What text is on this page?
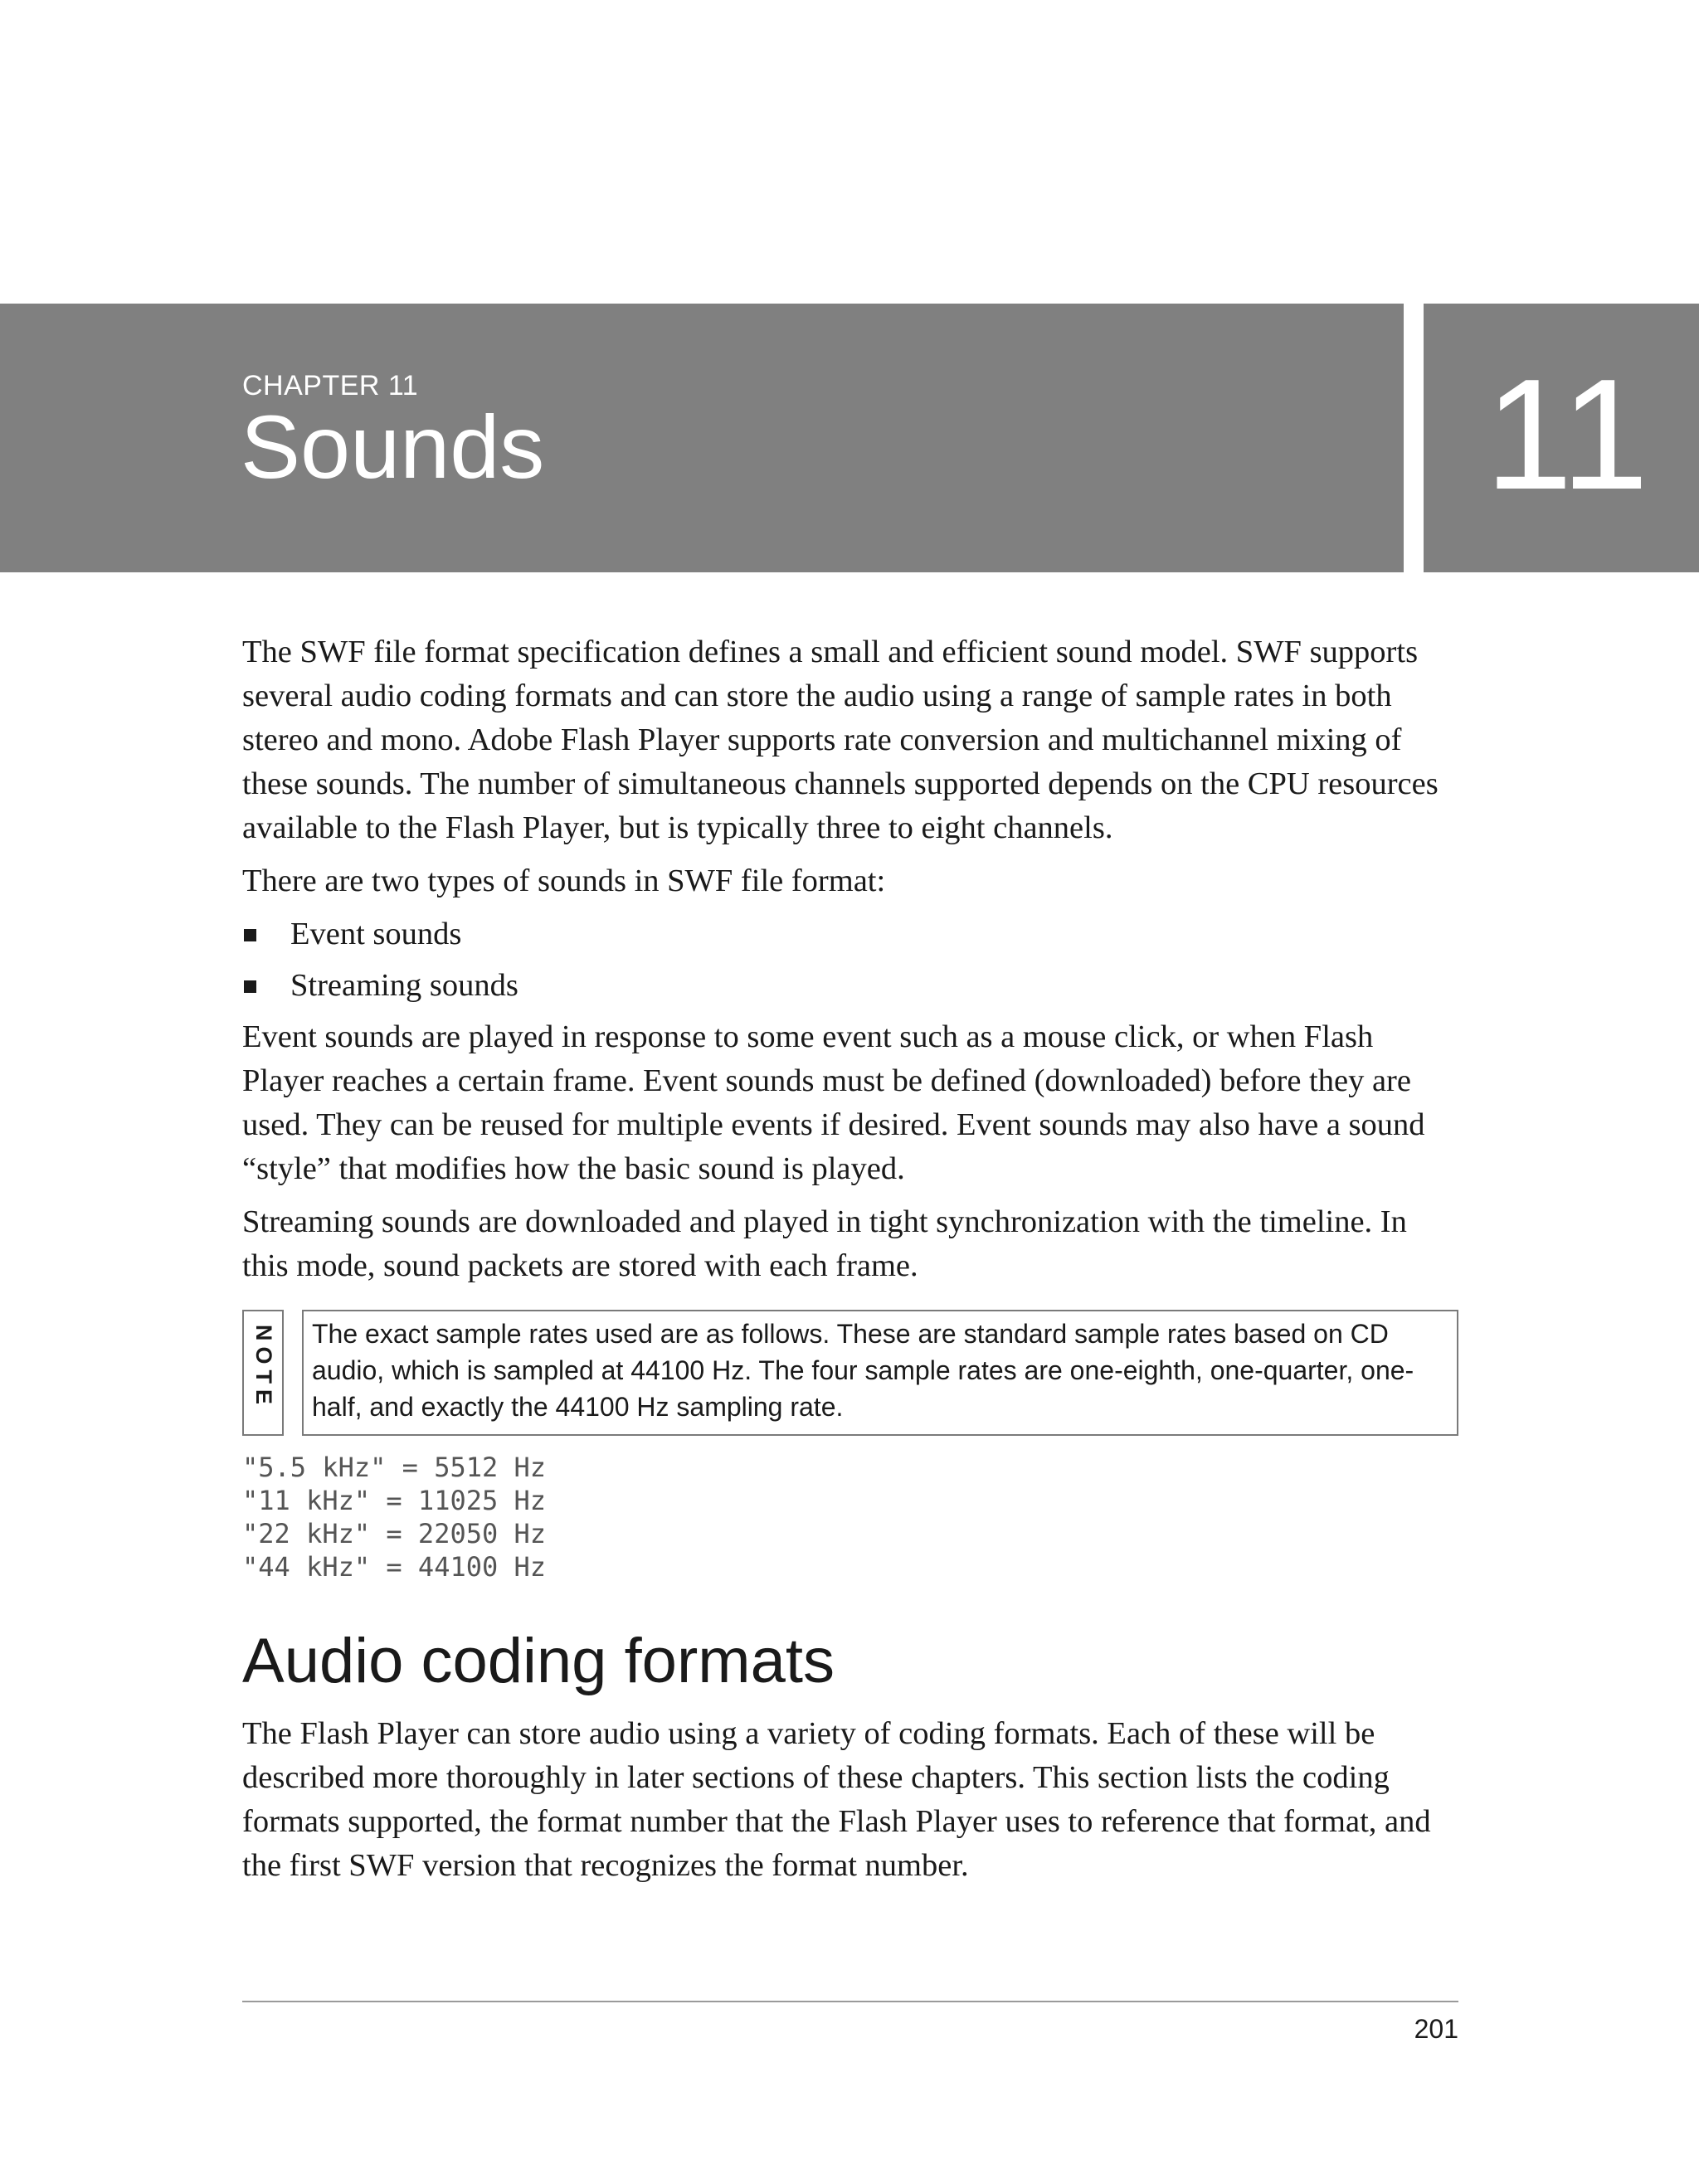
CHAPTER 11
Sounds	11

The SWF file format specification defines a small and efficient sound model. SWF supports several audio coding formats and can store the audio using a range of sample rates in both stereo and mono. Adobe Flash Player supports rate conversion and multichannel mixing of these sounds. The number of simultaneous channels supported depends on the CPU resources available to the Flash Player, but is typically three to eight channels.

There are two types of sounds in SWF file format:

Event sounds
Streaming sounds

Event sounds are played in response to some event such as a mouse click, or when Flash Player reaches a certain frame. Event sounds must be defined (downloaded) before they are used. They can be reused for multiple events if desired. Event sounds may also have a sound “style” that modifies how the basic sound is played.

Streaming sounds are downloaded and played in tight synchronization with the timeline. In this mode, sound packets are stored with each frame.

NOTE	The exact sample rates used are as follows. These are standard sample rates based on CD audio, which is sampled at 44100 Hz. The four sample rates are one-eighth, one-quarter, one-half, and exactly the 44100 Hz sampling rate.
"5.5 kHz" = 5512 Hz
"11 kHz" = 11025 Hz
"22 kHz" = 22050 Hz
"44 kHz" = 44100 Hz
Audio coding formats

The Flash Player can store audio using a variety of coding formats. Each of these will be described more thoroughly in later sections of these chapters. This section lists the coding formats supported, the format number that the Flash Player uses to reference that format, and the first SWF version that recognizes the format number.

201
